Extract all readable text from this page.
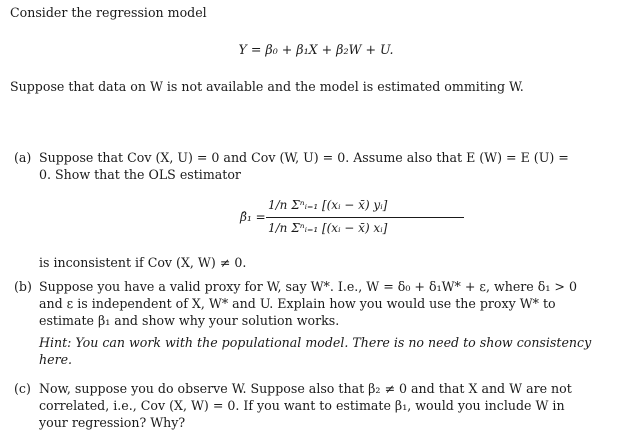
Consider the regression model
Y = β₀ + β₁X + β₂W + U.
Suppose that data on W is not available and the model is estimated ommiting W.
(a) Suppose that Cov (X, U) = 0 and Cov (W, U) = 0. Assume also that E (W) = E (U) =
0. Show that the OLS estimator
β̂₁ =
1/n Σⁿᵢ₌₁ [(xᵢ − x̄) yᵢ]
1/n Σⁿᵢ₌₁ [(xᵢ − x̄) xᵢ]
is inconsistent if Cov (X, W) ≠ 0.
(b) Suppose you have a valid proxy for W, say W*. I.e., W = δ₀ + δ₁W* + ε, where δ₁ > 0
and ε is independent of X, W* and U. Explain how you would use the proxy W* to
estimate β₁ and show why your solution works.
Hint: You can work with the populational model. There is no need to show consistency
here.
(c) Now, suppose you do observe W. Suppose also that β₂ ≠ 0 and that X and W are not
correlated, i.e., Cov (X, W) = 0. If you want to estimate β₁, would you include W in
your regression? Why?
